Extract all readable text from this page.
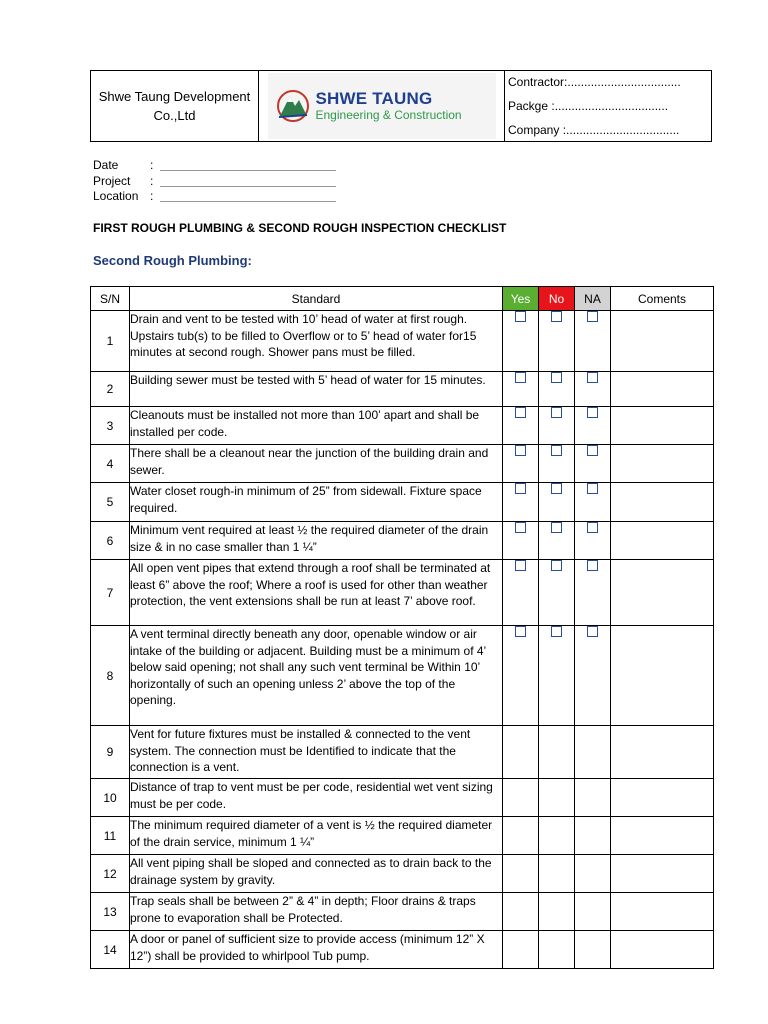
Shwe Taung Development Co.,Ltd
SHWE TAUNG
Engineering & Construction
Contractor:..................................
Packge :..................................
Company :..................................
Date	:
Project	:
Location :
FIRST ROUGH PLUMBING & SECOND ROUGH INSPECTION CHECKLIST
Second Rough Plumbing:
S/N	Standard	Yes	No	NA	Coments
1	Drain and vent to be tested with 10’ head of water at first rough. Upstairs tub(s) to be filled to Overflow or to 5’ head of water for15 minutes at second rough. Shower pans must be filled.				
2	Building sewer must be tested with 5’ head of water for 15 minutes.				
3	Cleanouts must be installed not more than 100’ apart and shall be installed per code.				
4	There shall be a cleanout near the junction of the building drain and sewer.				
5	Water closet rough-in minimum of 25” from sidewall. Fixture space required.				
6	Minimum vent required at least ½ the required diameter of the drain size & in no case smaller than 1 ¼”				
7	All open vent pipes that extend through a roof shall be terminated at least 6” above the roof; Where a roof is used for other than weather protection, the vent extensions shall be run at least 7’ above roof.				
8	A vent terminal directly beneath any door, openable window or air intake of the building or adjacent. Building must be a minimum of 4’ below said opening; not shall any such vent terminal be Within 10’ horizontally of such an opening unless 2’ above the top of the opening.				
9	Vent for future fixtures must be installed & connected to the vent system. The connection must be Identified to indicate that the connection is a vent.				
10	Distance of trap to vent must be per code, residential wet vent sizing must be per code.				
11	The minimum required diameter of a vent is ½ the required diameter of the drain service, minimum 1 ¼”				
12	All vent piping shall be sloped and connected as to drain back to the drainage system by gravity.				
13	Trap seals shall be between 2” & 4” in depth; Floor drains & traps prone to evaporation shall be Protected.				
14	A door or panel of sufficient size to provide access (minimum 12” X 12”) shall be provided to whirlpool Tub pump.				
